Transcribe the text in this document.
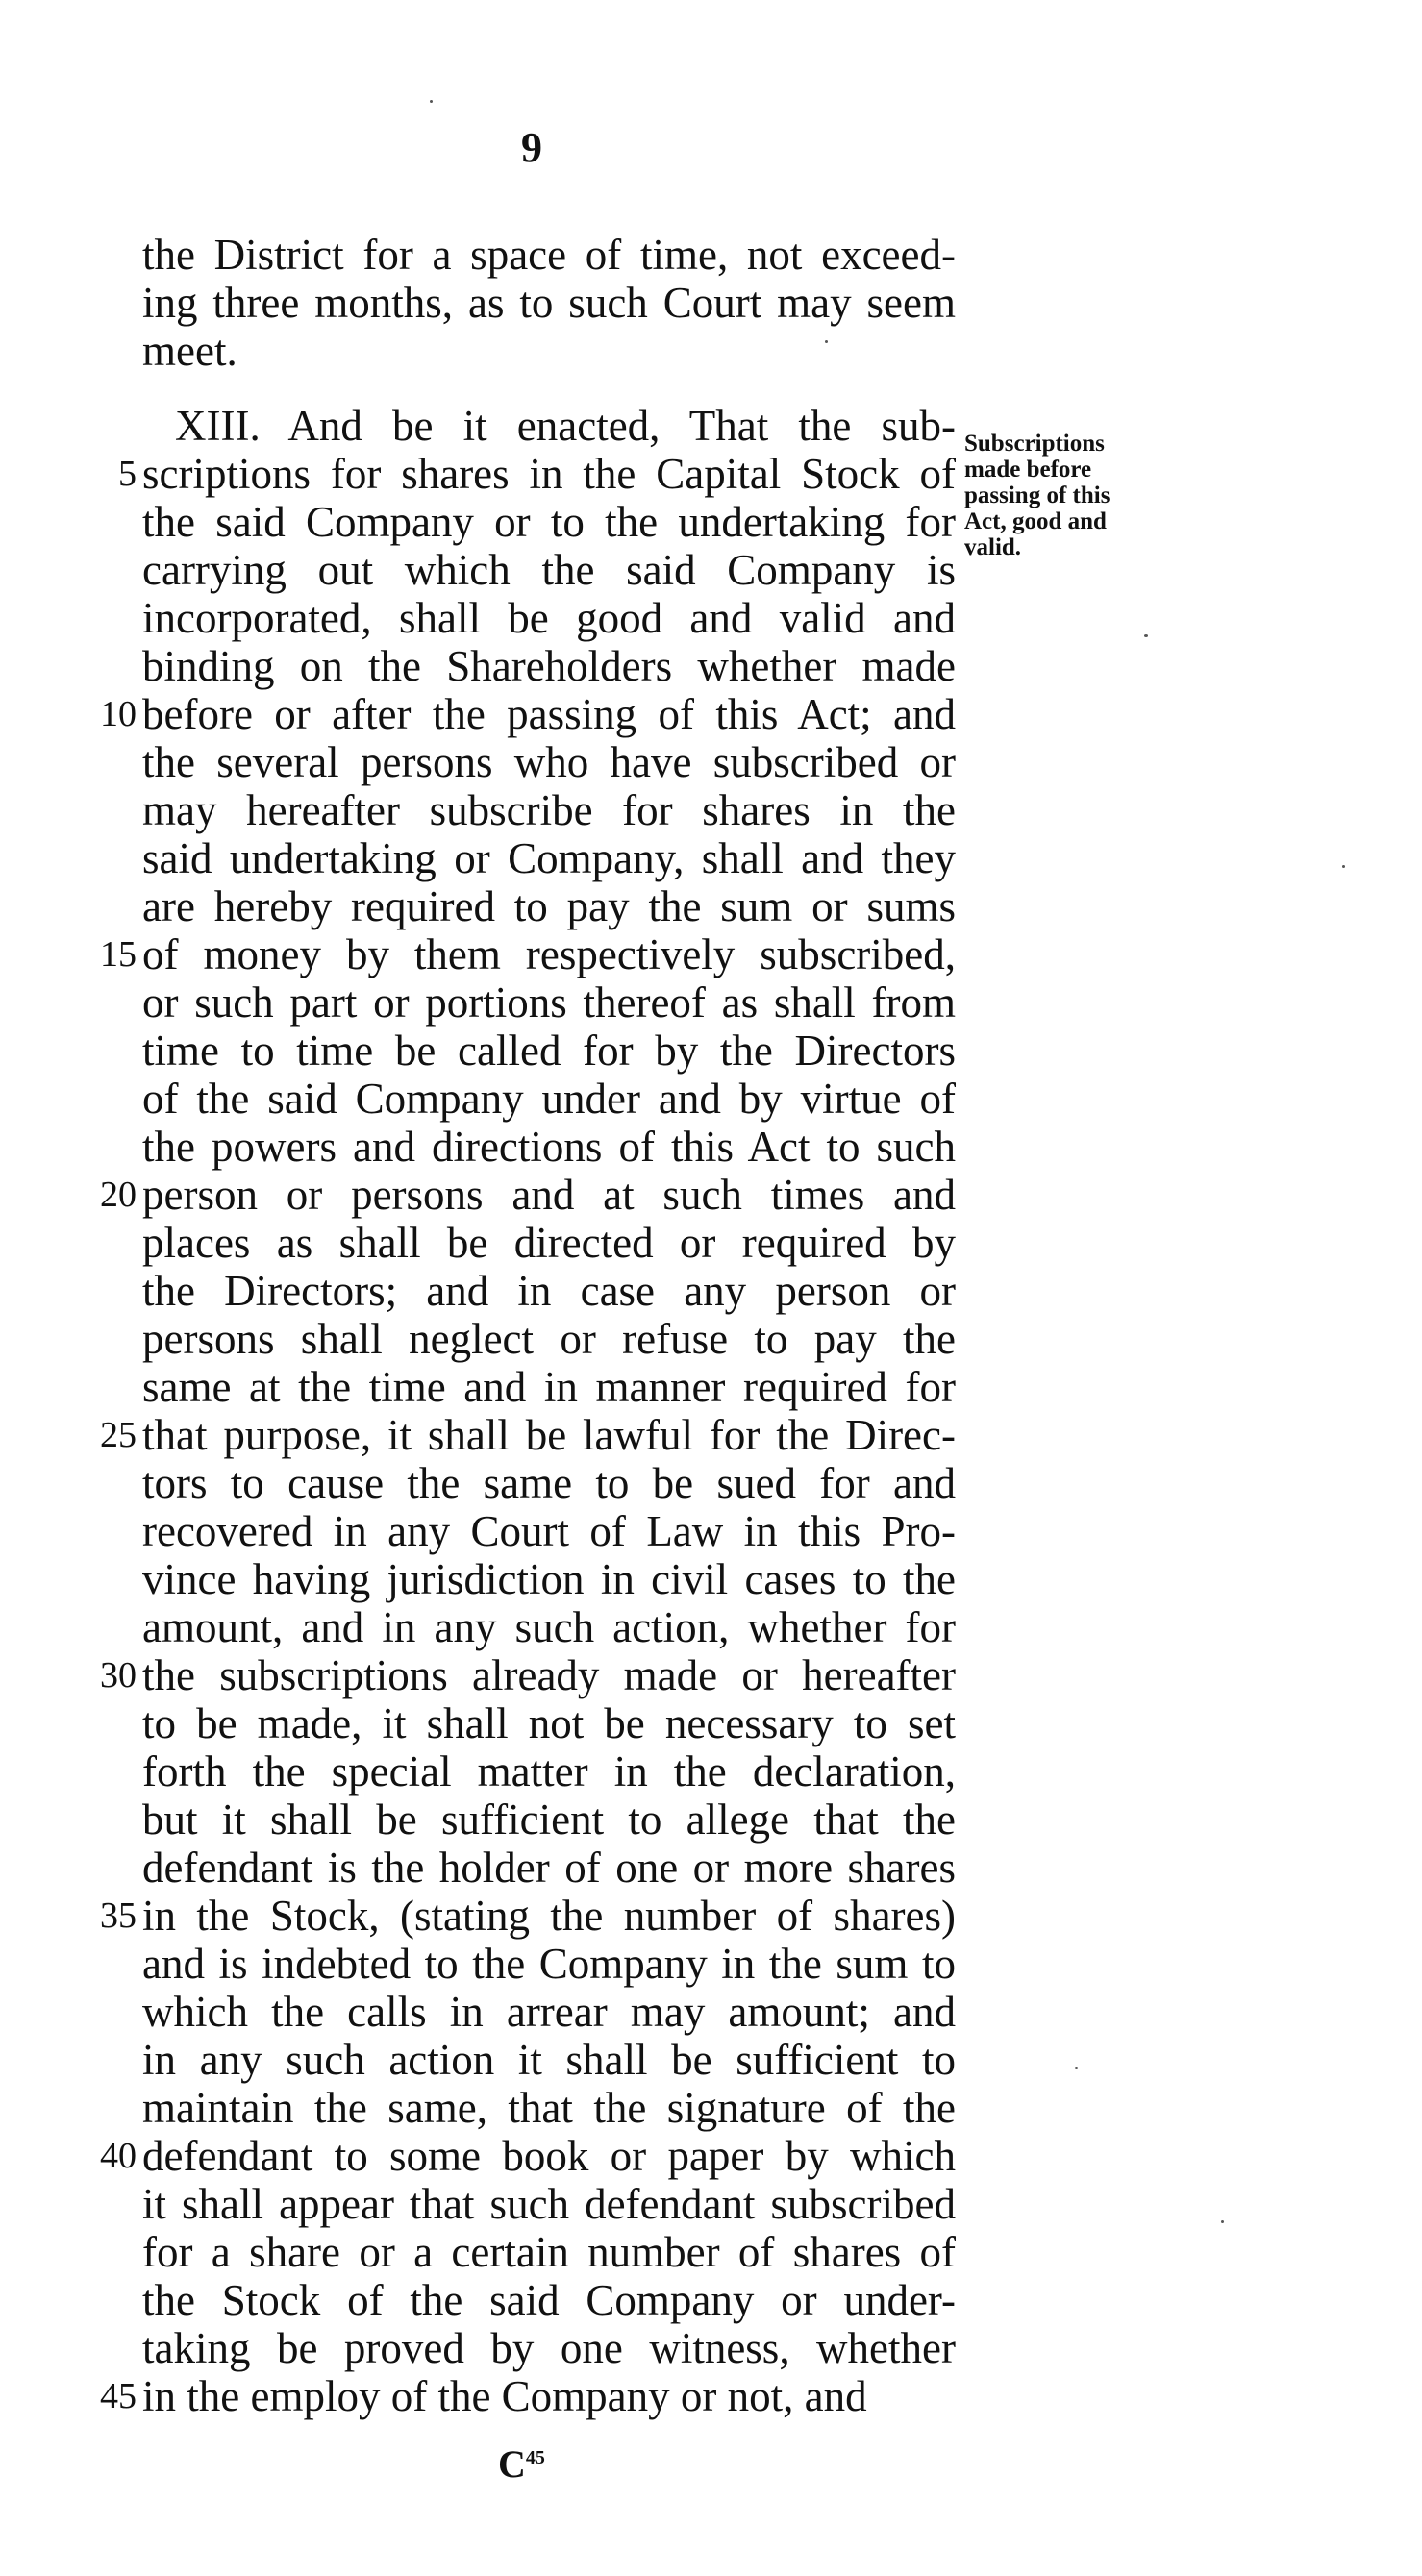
9
the District for a space of time, not exceed-
ing three months, as to such Court may seem
meet.
XIII. And be it enacted, That the sub-
scriptions for shares in the Capital Stock of
the said Company or to the undertaking for
carrying out which the said Company is
incorporated, shall be good and valid and
binding on the Shareholders whether made
before or after the passing of this Act; and
the several persons who have subscribed or
may hereafter subscribe for shares in the
said undertaking or Company, shall and they
are hereby required to pay the sum or sums
of money by them respectively subscribed,
or such part or portions thereof as shall from
time to time be called for by the Directors
of the said Company under and by virtue of
the powers and directions of this Act to such
person or persons and at such times and
places as shall be directed or required by
the Directors; and in case any person or
persons shall neglect or refuse to pay the
same at the time and in manner required for
that purpose, it shall be lawful for the Direc-
tors to cause the same to be sued for and
recovered in any Court of Law in this Pro-
vince having jurisdiction in civil cases to the
amount, and in any such action, whether for
the subscriptions already made or hereafter
to be made, it shall not be necessary to set
forth the special matter in the declaration,
but it shall be sufficient to allege that the
defendant is the holder of one or more shares
in the Stock, (stating the number of shares)
and is indebted to the Company in the sum to
which the calls in arrear may amount; and
in any such action it shall be sufficient to
maintain the same, that the signature of the
defendant to some book or paper by which
it shall appear that such defendant subscribed
for a share or a certain number of shares of
the Stock of the said Company or under-
taking be proved by one witness, whether
in the employ of the Company or not, and
5
10
15
20
25
30
35
40
45
Subscriptions
made before
passing of this
Act, good and
valid.
$C^{45}$
